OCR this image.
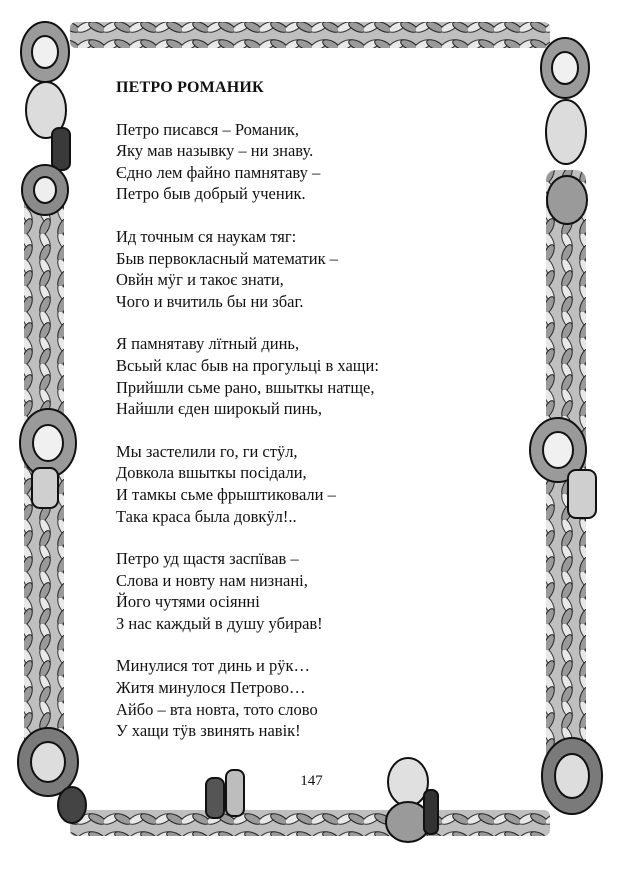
ПЕТРО РОМАНИК
Петро писався – Романик,
Яку мав назывку – ни знаву.
Єдно лем файно памнятаву –
Петро быв добрый ученик.
Ид точным ся наукам тяг:
Быв первокласный математик –
Овйн мӱг и такоє знати,
Чого и вчитиль бы ни збаг.
Я памнятаву лїтный динь,
Всьый клас быв на прогульці в хащи:
Прийшли сьме рано, вшыткы натще,
Найшли єден широкый пинь,
Мы застелили го, ги стӱл,
Довкола вшыткы посідали,
И тамкы сьме фрыштиковали –
Така краса была довкӱл!..
Петро уд щастя заспївав –
Слова и новту нам низнані,
Його чутями осіянні
З нас каждый в душу убирав!
Минулися тот динь и рӱк…
Житя минулося Петрово…
Айбо – вта новта, тото слово
У хащи тӱв звинять навік!
147
